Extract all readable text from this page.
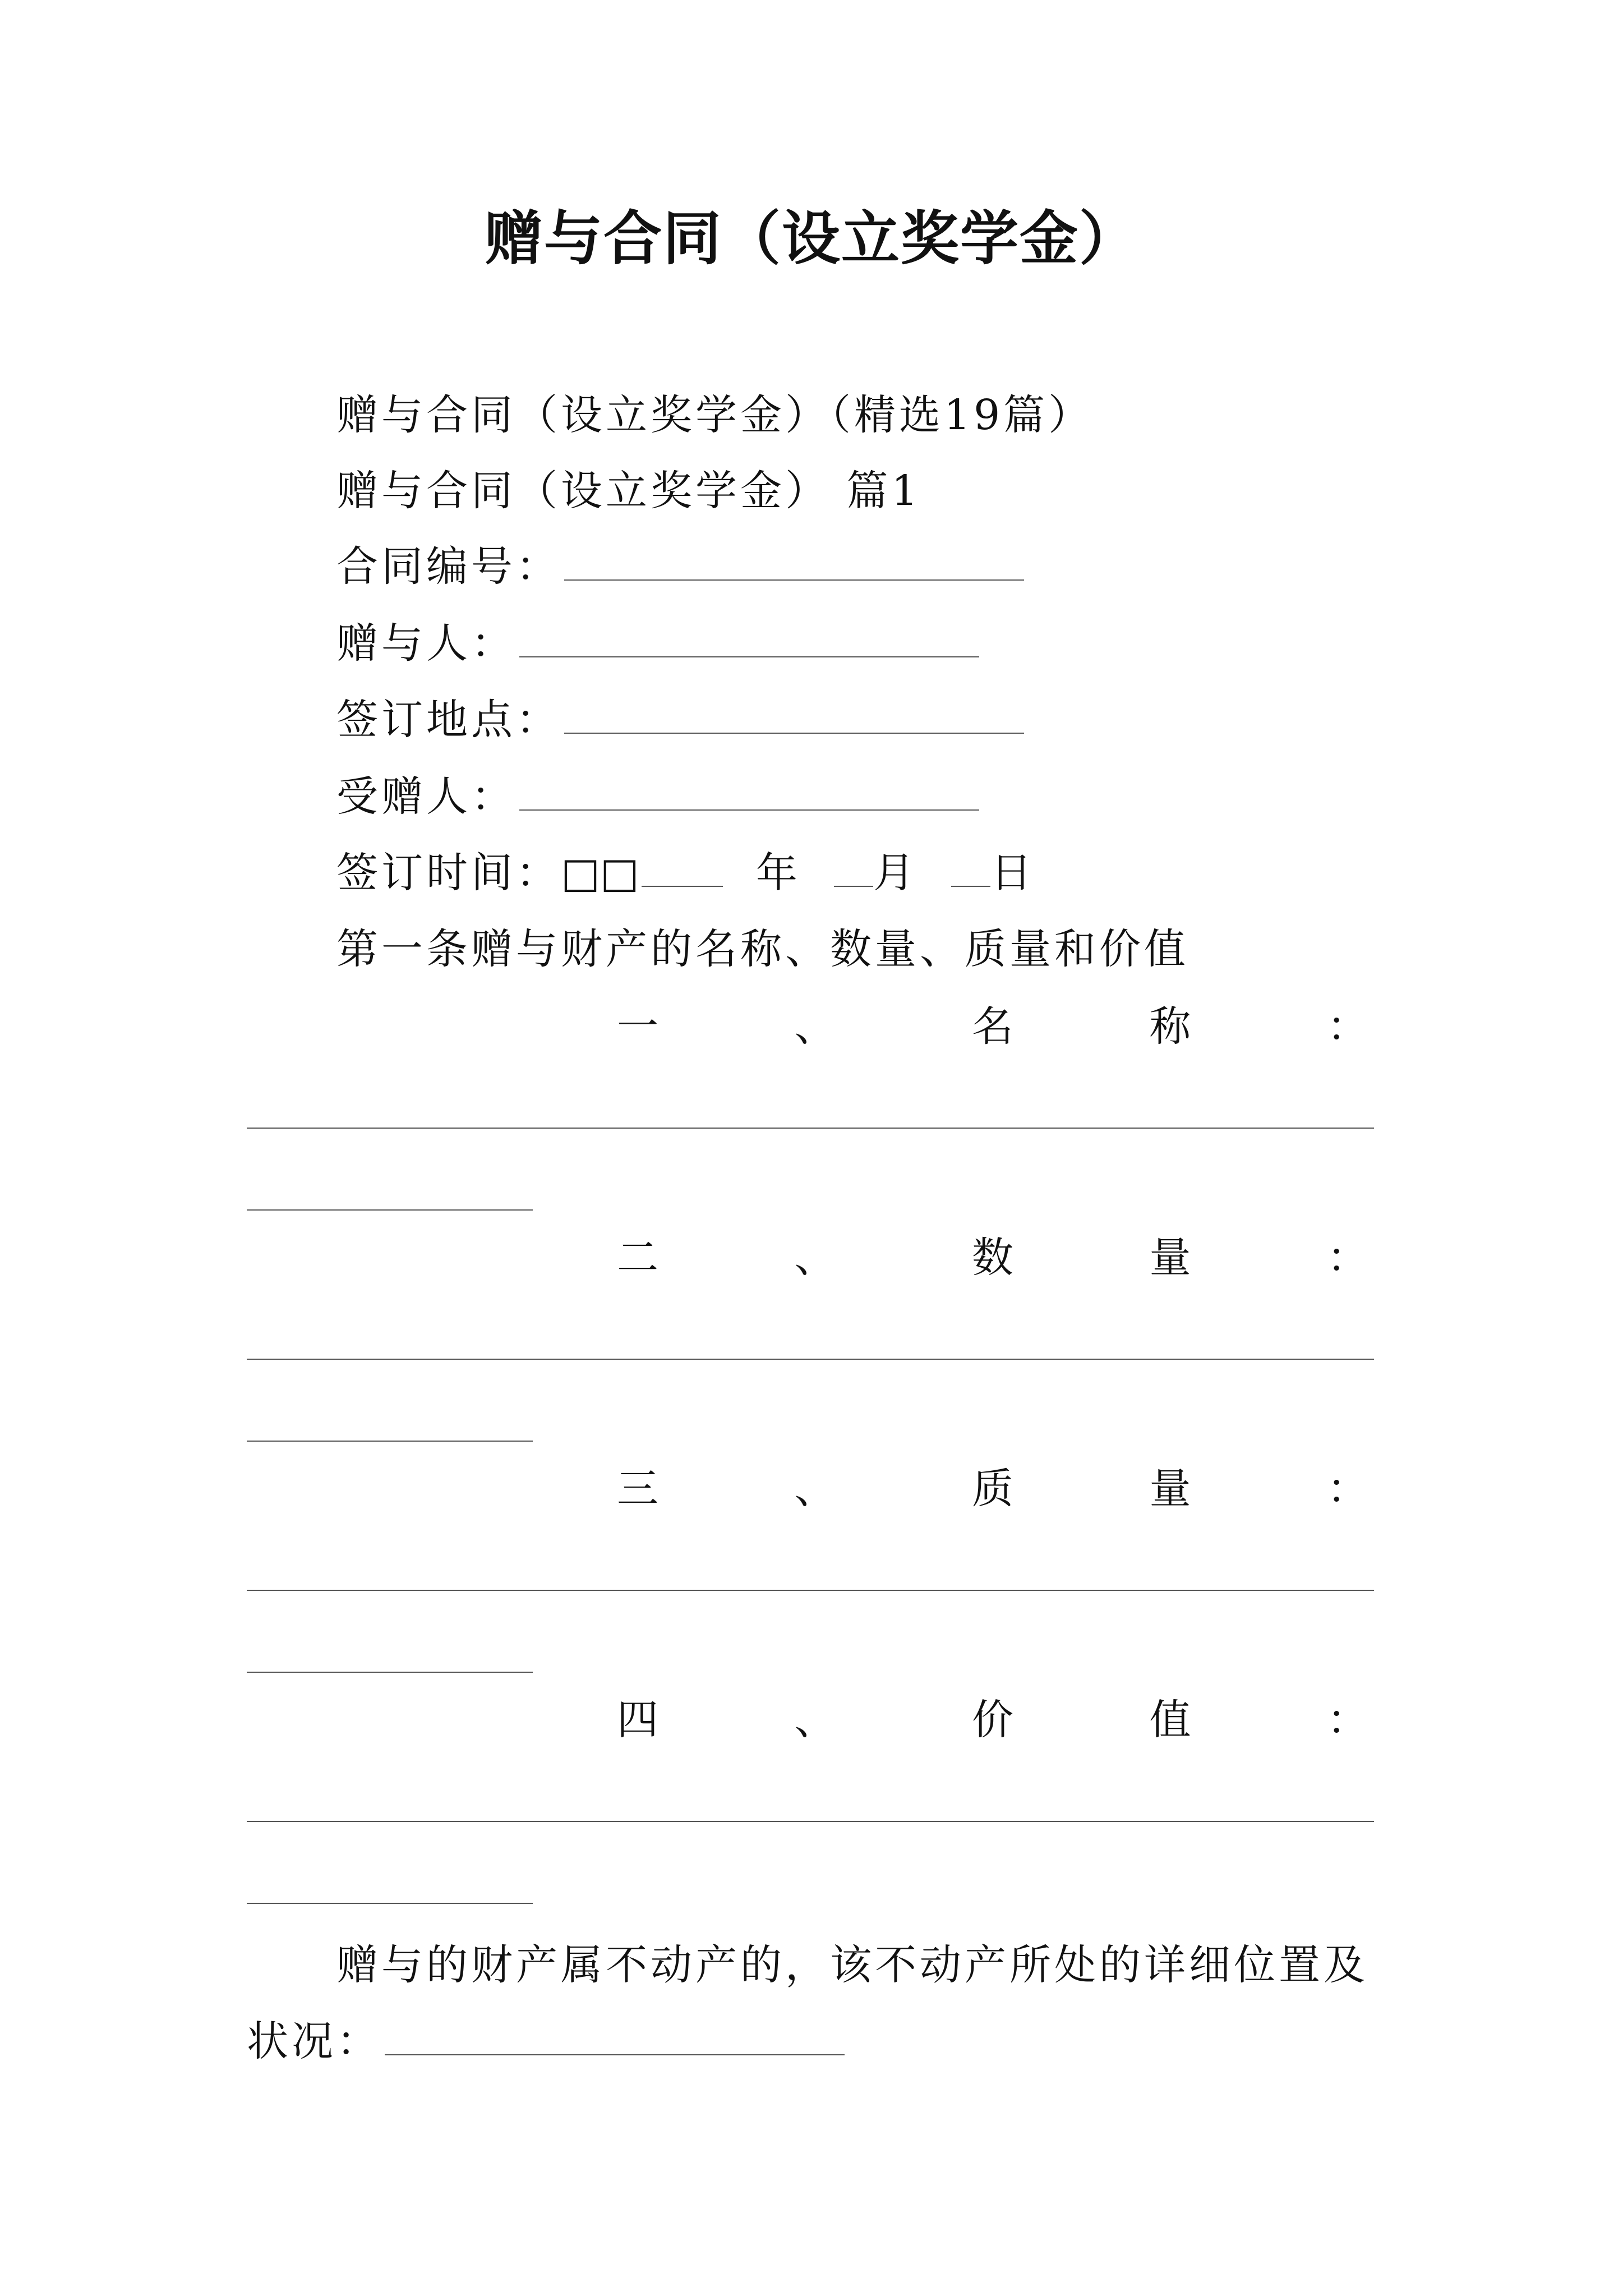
赠与合同（设立奖学金）
赠与合同（设立奖学金）（精选19篇）
赠与合同（设立奖学金） 篇1
合同编号：
赠与人：
签订地点：
受赠人：
签订时间：□□	年 月 日
第一条赠与财产的名称、数量、质量和价值
一	、	名	称	：
二	、	数	量	：
三	、	质	量	：
四	、	价	值	：

赠与的财产属不动产的，该不动产所处的详细位置及状况：
